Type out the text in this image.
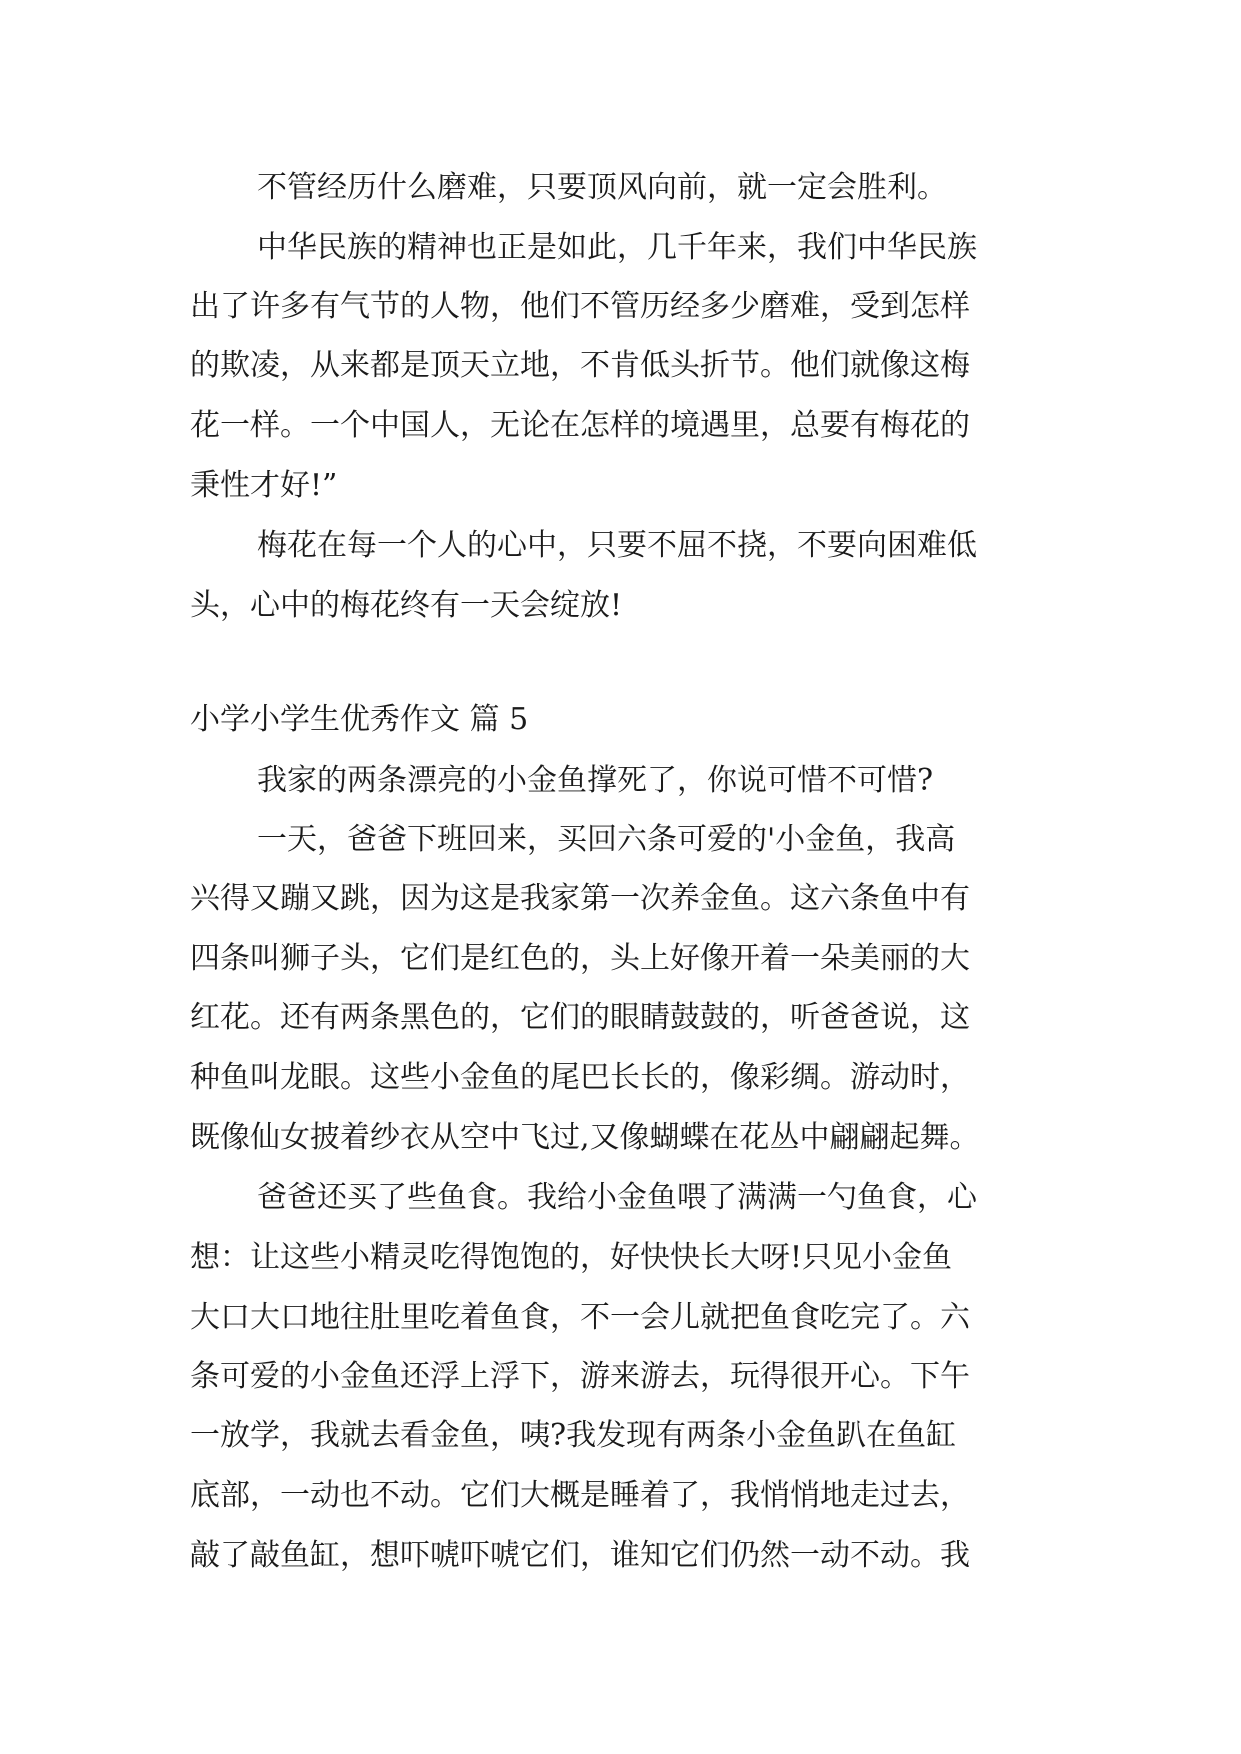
不管经历什么磨难，只要顶风向前，就一定会胜利。
中华民族的精神也正是如此，几千年来，我们中华民族
出了许多有气节的人物，他们不管历经多少磨难，受到怎样
的欺凌，从来都是顶天立地，不肯低头折节。他们就像这梅
花一样。一个中国人，无论在怎样的境遇里，总要有梅花的
秉性才好!”
梅花在每一个人的心中，只要不屈不挠，不要向困难低
头，心中的梅花终有一天会绽放!
小学小学生优秀作文 篇 5
我家的两条漂亮的小金鱼撑死了，你说可惜不可惜?
一天，爸爸下班回来，买回六条可爱的'小金鱼，我高
兴得又蹦又跳，因为这是我家第一次养金鱼。这六条鱼中有
四条叫狮子头，它们是红色的，头上好像开着一朵美丽的大
红花。还有两条黑色的，它们的眼睛鼓鼓的，听爸爸说，这
种鱼叫龙眼。这些小金鱼的尾巴长长的，像彩绸。游动时，
既像仙女披着纱衣从空中飞过,又像蝴蝶在花丛中翩翩起舞。
爸爸还买了些鱼食。我给小金鱼喂了满满一勺鱼食，心
想：让这些小精灵吃得饱饱的，好快快长大呀!只见小金鱼
大口大口地往肚里吃着鱼食，不一会儿就把鱼食吃完了。六
条可爱的小金鱼还浮上浮下，游来游去，玩得很开心。下午
一放学，我就去看金鱼，咦?我发现有两条小金鱼趴在鱼缸
底部，一动也不动。它们大概是睡着了，我悄悄地走过去，
敲了敲鱼缸，想吓唬吓唬它们，谁知它们仍然一动不动。我
